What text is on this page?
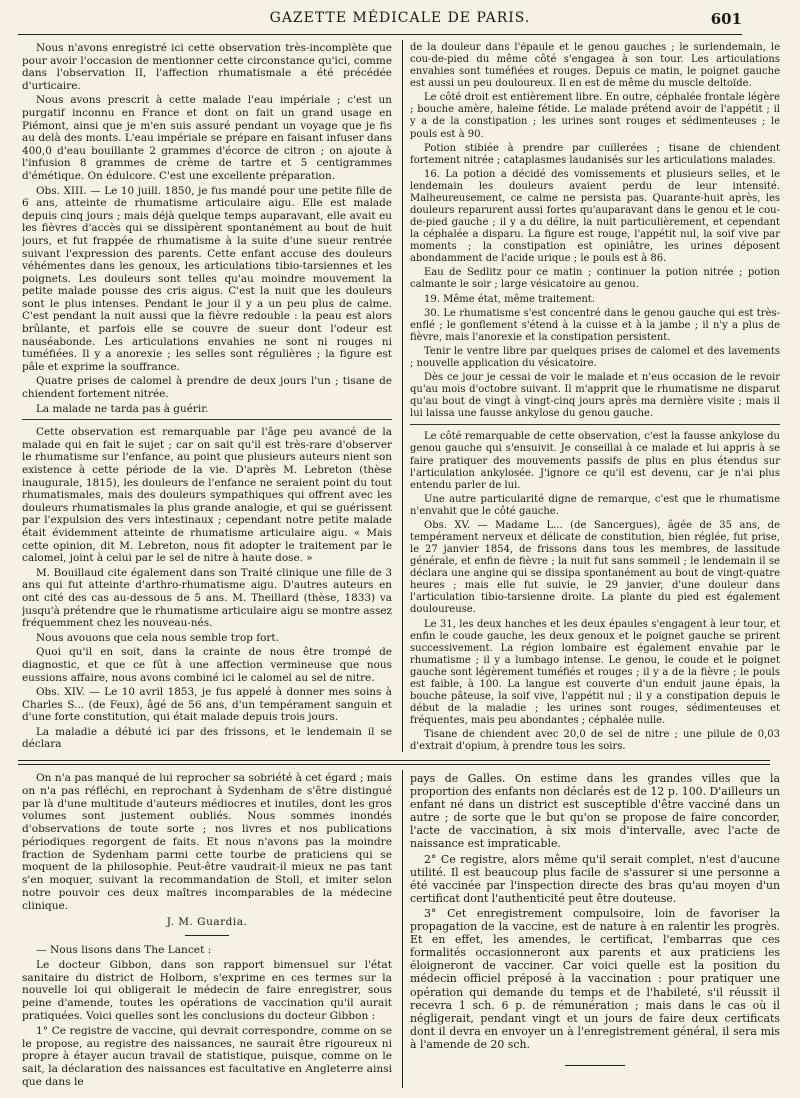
GAZETTE MÉDICALE DE PARIS.	601

Nous n'avons enregistré ici cette observation très-incomplète que pour avoir l'occasion de mentionner cette circonstance qu'ici, comme dans l'observation II, l'affection rhumatismale a été précédée d'urticaire.

Nous avons prescrit à cette malade l'eau impériale ; c'est un purgatif inconnu en France et dont on fait un grand usage en Piémont, ainsi que je m'en suis assuré pendant un voyage que je fis au delà des monts. L'eau impériale se prépare en faisant infuser dans 400,0 d'eau bouillante 2 grammes d'écorce de citron ; on ajoute à l'infusion 8 grammes de crème de tartre et 5 centigrammes d'émétique. On édulcore. C'est une excellente préparation.

Obs. XIII. — Le 10 juill. 1850, je fus mandé pour une petite fille de 6 ans, atteinte de rhumatisme articulaire aigu. Elle est malade depuis cinq jours ; mais déjà quelque temps auparavant, elle avait eu les fièvres d'accès qui se dissipèrent spontanément au bout de huit jours, et fut frappée de rhumatisme à la suite d'une sueur rentrée suivant l'expression des parents. Cette enfant accuse des douleurs véhémentes dans les genoux, les articulations tibio-tarsiennes et les poignets. Les douleurs sont telles qu'au moindre mouvement la petite malade pousse des cris aigus. C'est la nuit que les douleurs sont le plus intenses. Pendant le jour il y a un peu plus de calme. C'est pendant la nuit aussi que la fièvre redouble : la peau est alors brûlante, et parfois elle se couvre de sueur dont l'odeur est nauséabonde. Les articulations envahies ne sont ni rouges ni tuméfiées. Il y a anorexie ; les selles sont régulières ; la figure est pâle et exprime la souffrance.

Quatre prises de calomel à prendre de deux jours l'un ; tisane de chiendent fortement nitrée.

La malade ne tarda pas à guérir.

Cette observation est remarquable par l'âge peu avancé de la malade qui en fait le sujet ; car on sait qu'il est très-rare d'observer le rhumatisme sur l'enfance, au point que plusieurs auteurs nient son existence à cette période de la vie. D'après M. Lebreton (thèse inaugurale, 1815), les douleurs de l'enfance ne seraient point du tout rhumatismales, mais des douleurs sympathiques qui offrent avec les douleurs rhumatismales la plus grande analogie, et qui se guérissent par l'expulsion des vers intestinaux ; cependant notre petite malade était évidemment atteinte de rhumatisme articulaire aigu. « Mais cette opinion, dit M. Lebreton, nous fit adopter le traitement par le calomel, joint à celui par le sel de nitre à haute dose. »

M. Bouillaud cite également dans son Traité clinique une fille de 3 ans qui fut atteinte d'arthro-rhumatisme aigu. D'autres auteurs en ont cité des cas au-dessous de 5 ans. M. Theillard (thèse, 1833) va jusqu'à prétendre que le rhumatisme articulaire aigu se montre assez fréquemment chez les nouveau-nés.

Nous avouons que cela nous semble trop fort.

Quoi qu'il en soit, dans la crainte de nous être trompé de diagnostic, et que ce fût à une affection vermineuse que nous eussions affaire, nous avons combiné ici le calomel au sel de nitre.

Obs. XIV. — Le 10 avril 1853, je fus appelé à donner mes soins à Charles S... (de Feux), âgé de 56 ans, d'un tempérament sanguin et d'une forte constitution, qui était malade depuis trois jours.

La maladie a débuté ici par des frissons, et le lendemain il se déclara

de la douleur dans l'épaule et le genou gauches ; le surlendemain, le cou-de-pied du même côté s'engagea à son tour. Les articulations envahies sont tuméfiées et rouges. Depuis ce matin, le poignet gauche est aussi un peu douloureux. Il en est de même du muscle deltoïde.

Le côté droit est entièrement libre. En outre, céphalée frontale légère ; bouche amère, haleine fétide. Le malade prétend avoir de l'appétit ; il y a de la constipation ; les urines sont rouges et sédimenteuses ; le pouls est à 90.

Potion stibiée à prendre par cuillerées ; tisane de chiendent fortement nitrée ; cataplasmes laudanisés sur les articulations malades.

16. La potion a décidé des vomissements et plusieurs selles, et le lendemain les douleurs avaient perdu de leur intensité. Malheureusement, ce calme ne persista pas. Quarante-huit après, les douleurs reparurent aussi fortes qu'auparavant dans le genou et le cou-de-pied gauche ; il y a du délire, la nuit particulièrement, et cependant la céphalée a disparu. La figure est rouge, l'appétit nul, la soif vive par moments ; la constipation est opiniâtre, les urines déposent abondamment de l'acide urique ; le pouls est à 86.

Eau de Sedlitz pour ce matin ; continuer la potion nitrée ; potion calmante le soir ; large vésicatoire au genou.

19. Même état, même traitement.

30. Le rhumatisme s'est concentré dans le genou gauche qui est très-enflé ; le gonflement s'étend à la cuisse et à la jambe ; il n'y a plus de fièvre, mais l'anorexie et la constipation persistent.

Tenir le ventre libre par quelques prises de calomel et des lavements ; nouvelle application du vésicatoire.

Dès ce jour je cessai de voir le malade et n'eus occasion de le revoir qu'au mois d'octobre suivant. Il m'apprit que le rhumatisme ne disparut qu'au bout de vingt à vingt-cinq jours après ma dernière visite ; mais il lui laissa une fausse ankylose du genou gauche.

Le côté remarquable de cette observation, c'est la fausse ankylose du genou gauche qui s'ensuivit. Je conseillai à ce malade et lui appris à se faire pratiquer des mouvements passifs de plus en plus étendus sur l'articulation ankylosée. J'ignore ce qu'il est devenu, car je n'ai plus entendu parler de lui.

Une autre particularité digne de remarque, c'est que le rhumatisme n'envahit que le côté gauche.

Obs. XV. — Madame L... (de Sancergues), âgée de 35 ans, de tempérament nerveux et délicate de constitution, bien réglée, fut prise, le 27 janvier 1854, de frissons dans tous les membres, de lassitude générale, et enfin de fièvre ; la nuit fut sans sommeil ; le lendemain il se déclara une angine qui se dissipa spontanément au bout de vingt-quatre heures ; mais elle fut suivie, le 29 janvier, d'une douleur dans l'articulation tibio-tarsienne droite. La plante du pied est également douloureuse.

Le 31, les deux hanches et les deux épaules s'engagent à leur tour, et enfin le coude gauche, les deux genoux et le poignet gauche se prirent successivement. La région lombaire est également envahie par le rhumatisme ; il y a lumbago intense. Le genou, le coude et le poignet gauche sont légèrement tuméfiés et rouges ; il y a de la fièvre ; le pouls est faible, à 100. La langue est couverte d'un enduit jaune épais, la bouche pâteuse, la soif vive, l'appétit nul ; il y a constipation depuis le début de la maladie ; les urines sont rouges, sédimenteuses et fréquentes, mais peu abondantes ; céphalée nulle.

Tisane de chiendent avec 20,0 de sel de nitre ; une pilule de 0,03 d'extrait d'opium, à prendre tous les soirs.

On n'a pas manqué de lui reprocher sa sobriété à cet égard ; mais on n'a pas réfléchi, en reprochant à Sydenham de s'être distingué par là d'une multitude d'auteurs médiocres et inutiles, dont les gros volumes sont justement oubliés. Nous sommes inondés d'observations de toute sorte ; nos livres et nos publications périodiques regorgent de faits. Et nous n'avons pas la moindre fraction de Sydenham parmi cette tourbe de praticiens qui se moquent de la philosophie. Peut-être vaudrait-il mieux ne pas tant s'en moquer, suivant la recommandation de Stoll, et imiter selon notre pouvoir ces deux maîtres incomparables de la médecine clinique.

J. M. Guardia.

— Nous lisons dans The Lancet :

Le docteur Gibbon, dans son rapport bimensuel sur l'état sanitaire du district de Holborn, s'exprime en ces termes sur la nouvelle loi qui obligerait le médecin de faire enregistrer, sous peine d'amende, toutes les opérations de vaccination qu'il aurait pratiquées. Voici quelles sont les conclusions du docteur Gibbon :

1° Ce registre de vaccine, qui devrait correspondre, comme on se le propose, au registre des naissances, ne saurait être rigoureux ni propre à étayer aucun travail de statistique, puisque, comme on le sait, la déclaration des naissances est facultative en Angleterre ainsi que dans le

pays de Galles. On estime dans les grandes villes que la proportion des enfants non déclarés est de 12 p. 100. D'ailleurs un enfant né dans un district est susceptible d'être vacciné dans un autre ; de sorte que le but qu'on se propose de faire concorder, l'acte de vaccination, à six mois d'intervalle, avec l'acte de naissance est impraticable.

2° Ce registre, alors même qu'il serait complet, n'est d'aucune utilité. Il est beaucoup plus facile de s'assurer si une personne a été vaccinée par l'inspection directe des bras qu'au moyen d'un certificat dont l'authenticité peut être douteuse.

3° Cet enregistrement compulsoire, loin de favoriser la propagation de la vaccine, est de nature à en ralentir les progrès. Et en effet, les amendes, le certificat, l'embarras que ces formalités occasionneront aux parents et aux praticiens les éloigneront de vacciner. Car voici quelle est la position du médecin officiel préposé à la vaccination : pour pratiquer une opération qui demande du temps et de l'habileté, s'il réussit il recevra 1 sch. 6 p. de rémunération ; mais dans le cas où il négligerait, pendant vingt et un jours de faire deux certificats dont il devra en envoyer un à l'enregistrement général, il sera mis à l'amende de 20 sch.
